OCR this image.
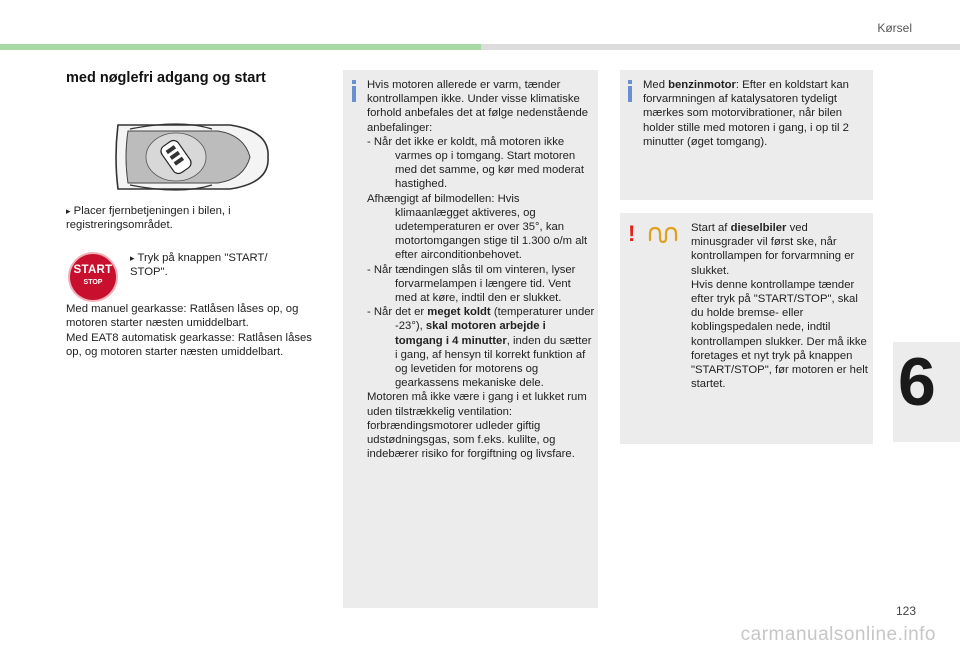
Kørsel
med nøglefri adgang og start
▸ Placer fjernbetjeningen i bilen, i registreringsområdet.
START
STOP
▸ Tryk på knappen "START/ STOP".
Med manuel gearkasse: Ratlåsen låses op, og motoren starter næsten umiddelbart.
Med EAT8 automatisk gearkasse: Ratlåsen låses op, og motoren starter næsten umiddelbart.
Hvis motoren allerede er varm, tænder kontrollampen ikke. Under visse klimatiske forhold anbefales det at følge nedenstående anbefalinger:
- Når det ikke er koldt, må motoren ikke varmes op i tomgang. Start motoren med det samme, og kør med moderat hastighed.
Afhængigt af bilmodellen: Hvis klimaanlægget aktiveres, og udetemperaturen er over 35°, kan motortomgangen stige til 1.300 o/m alt efter airconditionbehovet.
- Når tændingen slås til om vinteren, lyser forvarmelampen i længere tid. Vent med at køre, indtil den er slukket.
- Når det er meget koldt (temperaturer under -23°), skal motoren arbejde i tomgang i 4 minutter, inden du sætter i gang, af hensyn til korrekt funktion af og levetiden for motorens og gearkassens mekaniske dele.
Motoren må ikke være i gang i et lukket rum uden tilstrækkelig ventilation: forbrændingsmotorer udleder giftig udstødningsgas, som f.eks. kulilte, og indebærer risiko for forgiftning og livsfare.
Med benzinmotor: Efter en koldstart kan forvarmningen af katalysatoren tydeligt mærkes som motorvibrationer, når bilen holder stille med motoren i gang, i op til 2 minutter (øget tomgang).
!	Start af dieselbiler ved minusgrader vil først ske, når kontrollampen for forvarmning er slukket.
Hvis denne kontrollampe tænder efter tryk på "START/STOP", skal du holde bremse- eller koblingspedalen nede, indtil kontrollampen slukker. Der må ikke foretages et nyt tryk på knappen "START/STOP", før motoren er helt startet.	6
123
carmanualsonline.info
